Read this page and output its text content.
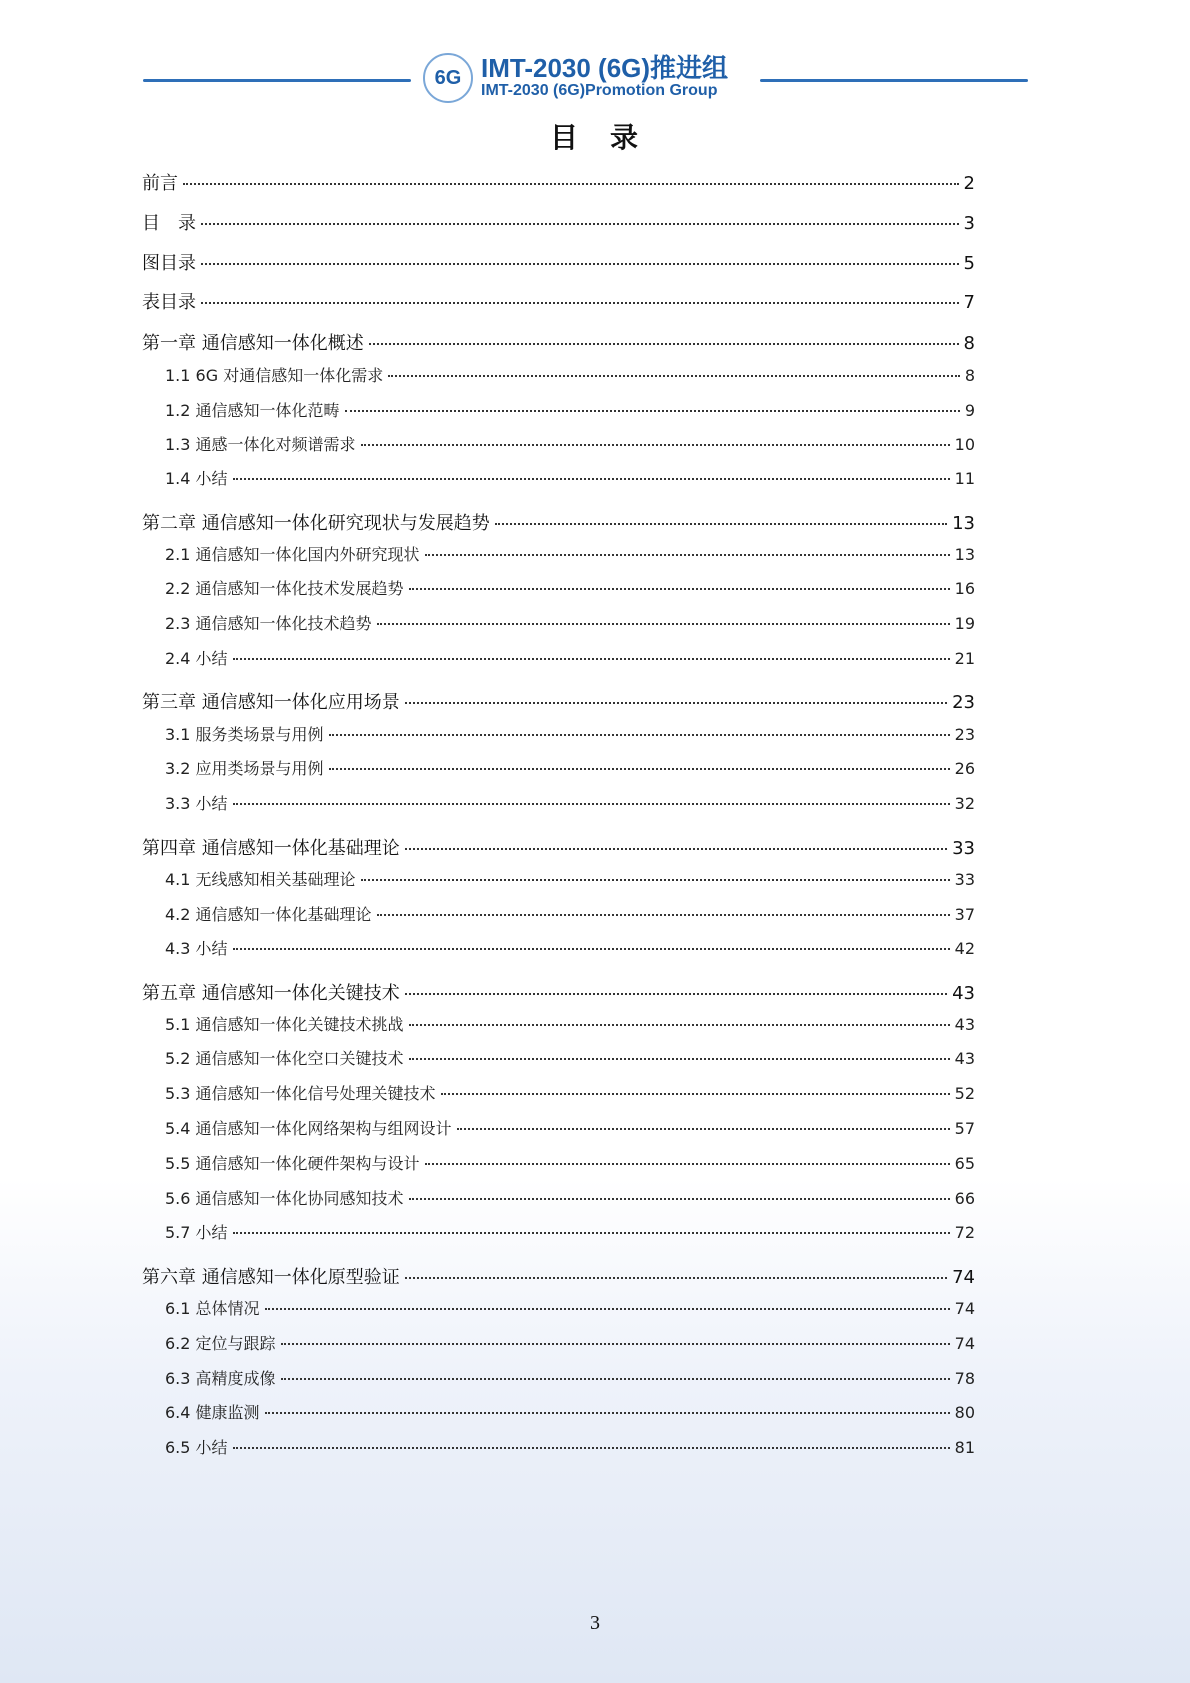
6G IMT-2030 (6G)推进组
IMT-2030 (6G)Promotion Group
目　录
前言	2
目　录	3
图目录	5
表目录	7
第一章 通信感知一体化概述	8
1.1 6G 对通信感知一体化需求	8
1.2 通信感知一体化范畴	9
1.3 通感一体化对频谱需求	10
1.4 小结	11
第二章 通信感知一体化研究现状与发展趋势	13
2.1 通信感知一体化国内外研究现状	13
2.2 通信感知一体化技术发展趋势	16
2.3 通信感知一体化技术趋势	19
2.4 小结	21
第三章 通信感知一体化应用场景	23
3.1 服务类场景与用例	23
3.2 应用类场景与用例	26
3.3 小结	32
第四章 通信感知一体化基础理论	33
4.1 无线感知相关基础理论	33
4.2 通信感知一体化基础理论	37
4.3 小结	42
第五章 通信感知一体化关键技术	43
5.1 通信感知一体化关键技术挑战	43
5.2 通信感知一体化空口关键技术	43
5.3 通信感知一体化信号处理关键技术	52
5.4 通信感知一体化网络架构与组网设计	57
5.5 通信感知一体化硬件架构与设计	65
5.6 通信感知一体化协同感知技术	66
5.7 小结	72
第六章 通信感知一体化原型验证	74
6.1 总体情况	74
6.2 定位与跟踪	74
6.3 高精度成像	78
6.4 健康监测	80
6.5 小结	81
3
